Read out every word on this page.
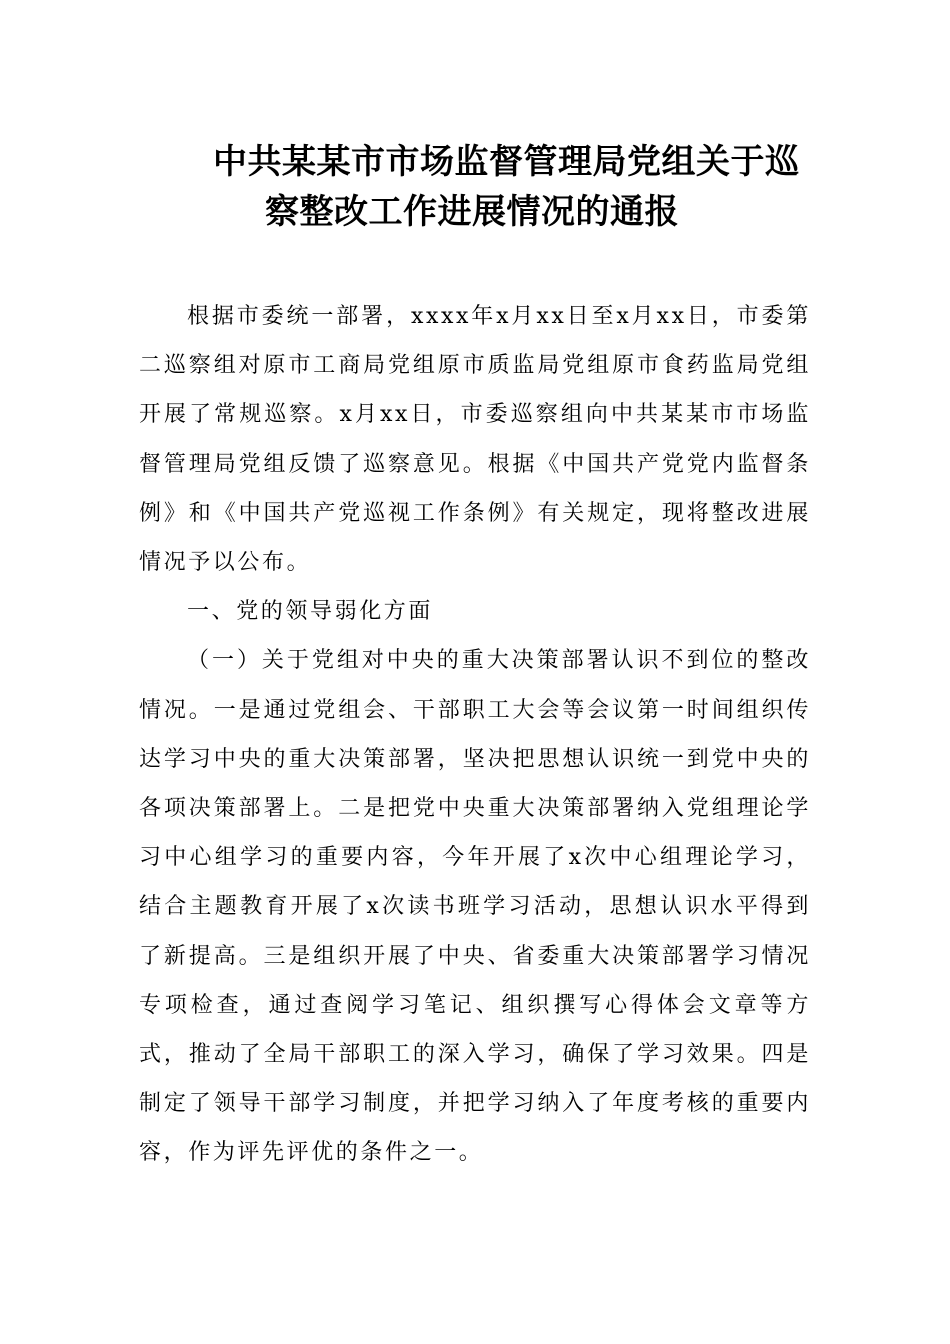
中共某某市市场监督管理局党组关于巡
察整改工作进展情况的通报

根据市委统一部署，xxxx年x月xx日至x月xx日，市委第二巡察组对原市工商局党组原市质监局党组原市食药监局党组开展了常规巡察。x月xx日，市委巡察组向中共某某市市场监督管理局党组反馈了巡察意见。根据《中国共产党党内监督条例》和《中国共产党巡视工作条例》有关规定，现将整改进展情况予以公布。

一、党的领导弱化方面

（一）关于党组对中央的重大决策部署认识不到位的整改情况。一是通过党组会、干部职工大会等会议第一时间组织传达学习中央的重大决策部署，坚决把思想认识统一到党中央的各项决策部署上。二是把党中央重大决策部署纳入党组理论学习中心组学习的重要内容，今年开展了x次中心组理论学习，结合主题教育开展了x次读书班学习活动，思想认识水平得到了新提高。三是组织开展了中央、省委重大决策部署学习情况专项检查，通过查阅学习笔记、组织撰写心得体会文章等方式，推动了全局干部职工的深入学习，确保了学习效果。四是制定了领导干部学习制度，并把学习纳入了年度考核的重要内容，作为评先评优的条件之一。
